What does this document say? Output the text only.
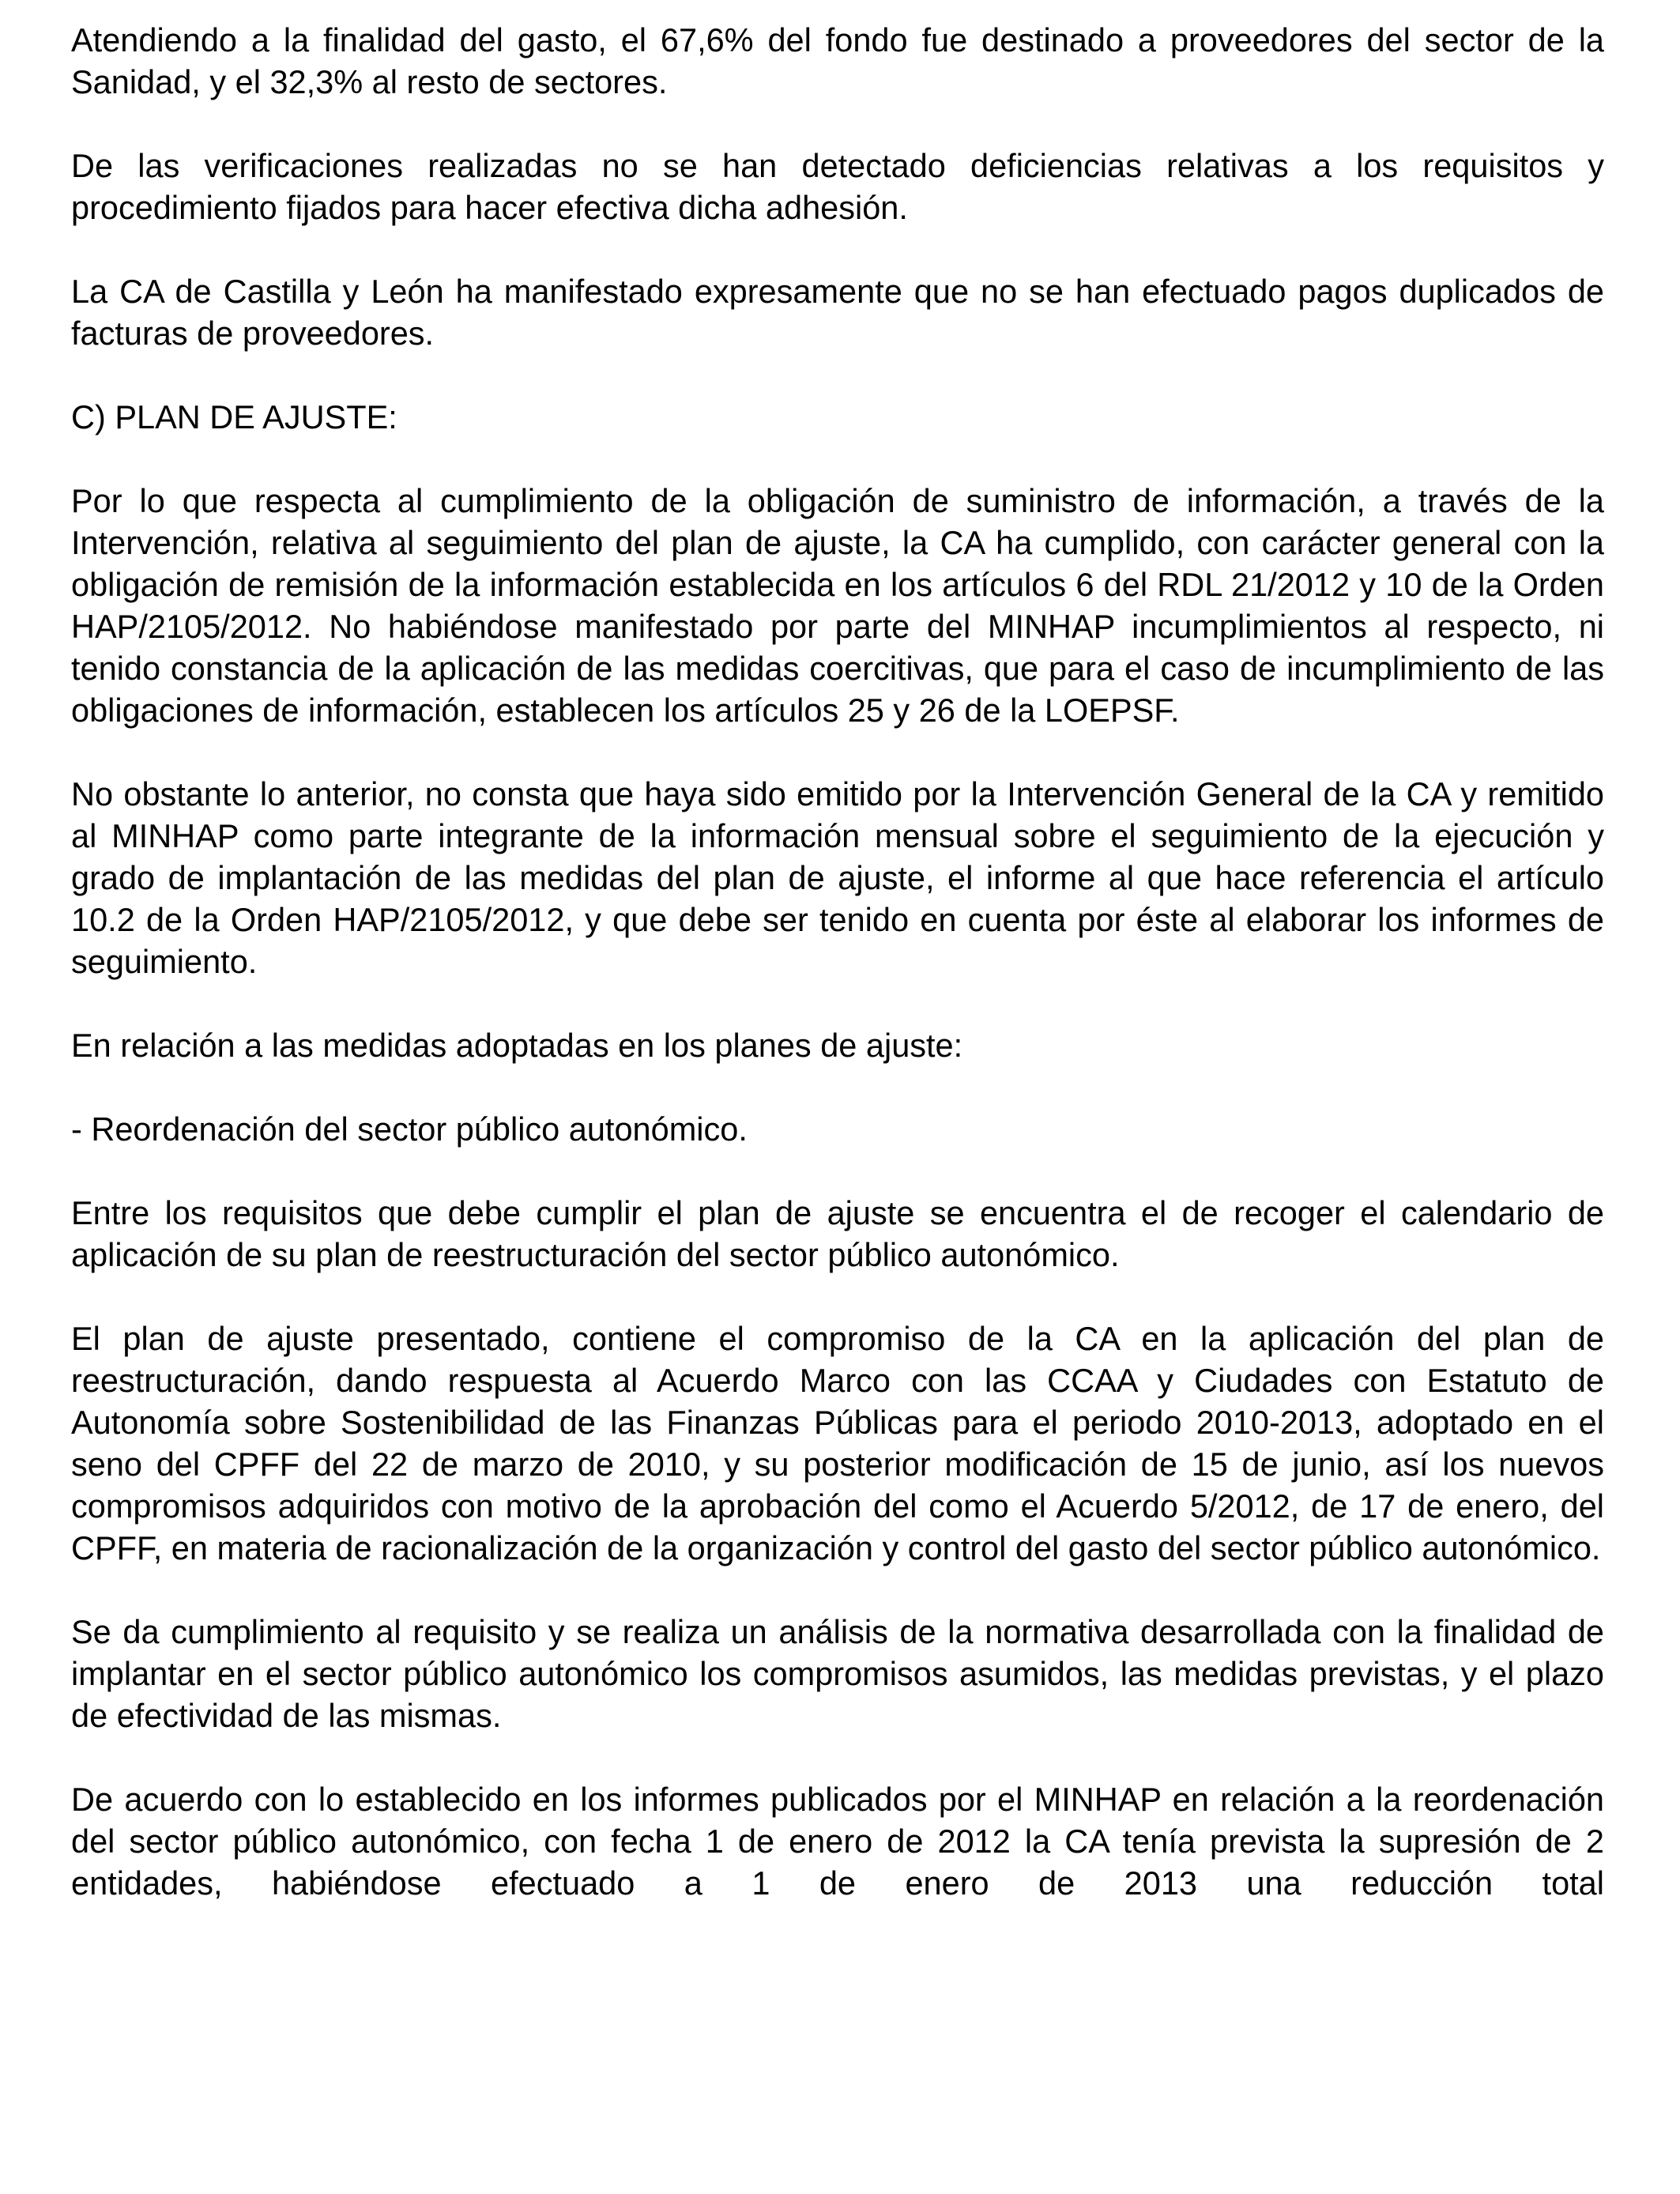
Atendiendo a la finalidad del gasto, el 67,6% del fondo fue destinado a proveedores del sector de la Sanidad, y el 32,3% al resto de sectores.

De las verificaciones realizadas no se han detectado deficiencias relativas a los requisitos y procedimiento fijados para hacer efectiva dicha adhesión.

La CA de Castilla y León ha manifestado expresamente que no se han efectuado pagos duplicados de facturas de proveedores.

C) PLAN DE AJUSTE:

Por lo que respecta al cumplimiento de la obligación de suministro de información, a través de la Intervención, relativa al seguimiento del plan de ajuste, la CA ha cumplido, con carácter general con la obligación de remisión de la información establecida en los artículos 6 del RDL 21/2012 y 10 de la Orden HAP/2105/2012. No habiéndose manifestado por parte del MINHAP incumplimientos al respecto, ni tenido constancia de la aplicación de las medidas coercitivas, que para el caso de incumplimiento de las obligaciones de información, establecen los artículos 25 y 26 de la LOEPSF.

No obstante lo anterior, no consta que haya sido emitido por la Intervención General de la CA y remitido al MINHAP como parte integrante de la información mensual sobre el seguimiento de la ejecución y grado de implantación de las medidas del plan de ajuste, el informe al que hace referencia el artículo 10.2 de la Orden HAP/2105/2012, y que debe ser tenido en cuenta por éste al elaborar los informes de seguimiento.

En relación a las medidas adoptadas en los planes de ajuste:

- Reordenación del sector público autonómico.

Entre los requisitos que debe cumplir el plan de ajuste se encuentra el de recoger el calendario de aplicación de su plan de reestructuración del sector público autonómico.

El plan de ajuste presentado, contiene el compromiso de la CA en la aplicación del plan de reestructuración, dando respuesta al Acuerdo Marco con las CCAA y Ciudades con Estatuto de Autonomía sobre Sostenibilidad de las Finanzas Públicas para el periodo 2010-2013, adoptado en el seno del CPFF del 22 de marzo de 2010, y su posterior modificación de 15 de junio, así los nuevos compromisos adquiridos con motivo de la aprobación del como el Acuerdo 5/2012, de 17 de enero, del CPFF, en materia de racionalización de la organización y control del gasto del sector público autonómico.

Se da cumplimiento al requisito y se realiza un análisis de la normativa desarrollada con la finalidad de implantar en el sector público autonómico los compromisos asumidos, las medidas previstas, y el plazo de efectividad de las mismas.

De acuerdo con lo establecido en los informes publicados por el MINHAP en relación a la reordenación del sector público autonómico, con fecha 1 de enero de 2012 la CA tenía prevista la supresión de 2 entidades, habiéndose efectuado a 1 de enero de 2013 una reducción total
